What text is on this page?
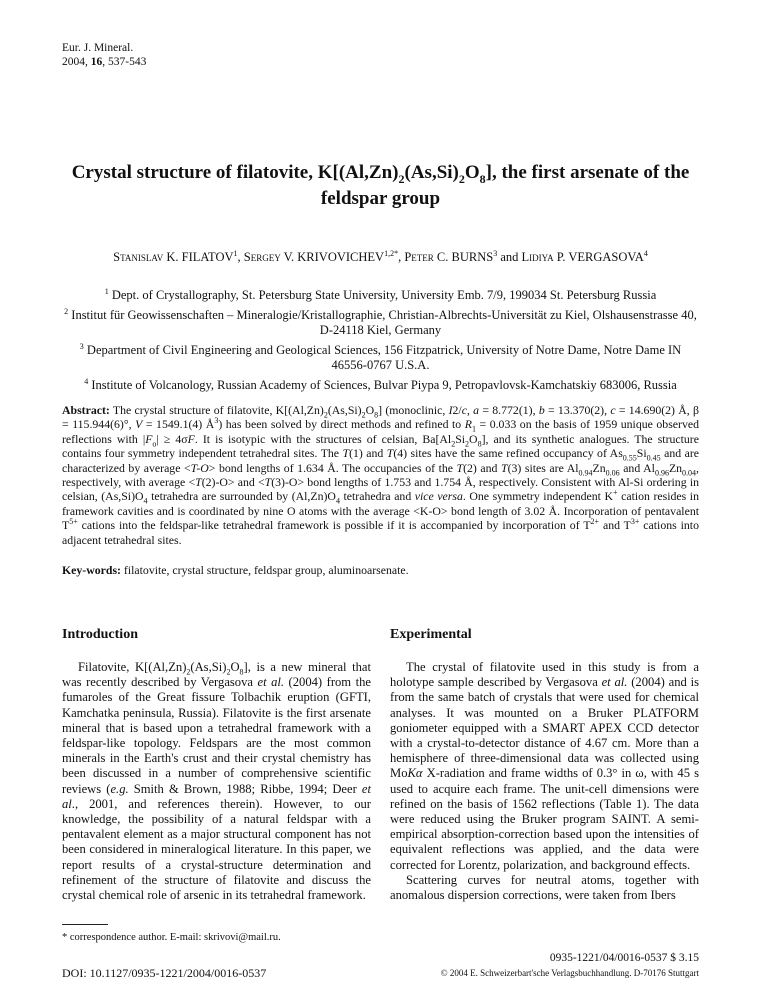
Eur. J. Mineral.
2004, 16, 537-543
Crystal structure of filatovite, $K[(Al,Zn)_2(As,Si)_2O_8]$, the first arsenate of the feldspar group
Stanislav K. FILATOV$^1$, Sergey V. $KRIVOVICHEV^{1,2*}$, Peter C. BURNS$^3$ and Lidiya P. VERGASOVA$^4$

$^1$ Dept. of Crystallography, St. Petersburg State University, University Emb. 7/9, 199034 St. Petersburg Russia

$^2$ Institut für Geowissenschaften – Mineralogie/Kristallographie, Christian-Albrechts-Universität zu Kiel, Olshausenstrasse 40, D-24118 Kiel, Germany

$^3$ Department of Civil Engineering and Geological Sciences, 156 Fitzpatrick, University of Notre Dame, Notre Dame IN 46556-0767 U.S.A.

$^4$ Institute of Volcanology, Russian Academy of Sciences, Bulvar Piypa 9, Petropavlovsk-Kamchatskiy 683006, Russia

Abstract: The crystal structure of filatovite, $K[(Al,Zn)_2(As,Si)_2O_8]$ (monoclinic, I2/c, a = 8.772(1), b = 13.370(2), c = 14.690(2) Å, β = 115.944(6)°, V = 1549.1(4) $Å^3$) has been solved by direct methods and refined to $R_1 = 0.033$ on the basis of 1959 unique observed reflections with $|F_o| \ge 4\sigma F$. It is isotypic with the structures of celsian, $Ba[Al_2Si_2O_8]$, and its synthetic analogues. The structure contains four symmetry independent tetrahedral sites. The T(1) and T(4) sites have the same refined occupancy of $As_{0.55}Si_{0.45}$ and are characterized by average <T-O> bond lengths of 1.634 Å. The occupancies of the T(2) and T(3) sites are $Al_{0.94}Zn_{0.06}$ and $Al_{0.96}Zn_{0.04}$, respectively, with average <T(2)-O> and <T(3)-O> bond lengths of 1.753 and 1.754 Å, respectively. Consistent with Al-Si ordering in celsian, $(As,Si)O_4$ tetrahedra are surrounded by $(Al,Zn)O_4$ tetrahedra and vice versa. One symmetry independent K+ cation resides in framework cavities and is coordinated by nine O atoms with the average <K-O> bond length of 3.02 Å. Incorporation of pentavalent $T^{5+}$ cations into the feldspar-like tetrahedral framework is possible if it is accompanied by incorporation of $T^{2+}$ and $T^{3+}$ cations into adjacent tetrahedral sites.
Key-words: filatovite, crystal structure, feldspar group, aluminoarsenate.
Introduction

Filatovite, $K[(Al,Zn)_2(As,Si)_2O_8]$, is a new mineral that was recently described by Vergasova et al. (2004) from the fumaroles of the Great fissure Tolbachik eruption (GFTI, Kamchatka peninsula, Russia). Filatovite is the first arsenate mineral that is based upon a tetrahedral framework with a feldspar-like topology. Feldspars are the most common minerals in the Earth's crust and their crystal chemistry has been discussed in a number of comprehensive scientific reviews (e.g. Smith & Brown, 1988; Ribbe, 1994; Deer et al., 2001, and references therein). However, to our knowledge, the possibility of a natural feldspar with a pentavalent element as a major structural component has not been considered in mineralogical literature. In this paper, we report results of a crystal-structure determination and refinement of the structure of filatovite and discuss the crystal chemical role of arsenic in its tetrahedral framework.

Experimental

The crystal of filatovite used in this study is from a holotype sample described by Vergasova et al. (2004) and is from the same batch of crystals that were used for chemical analyses. It was mounted on a Bruker PLATFORM goniometer equipped with a SMART APEX CCD detector with a crystal-to-detector distance of 4.67 cm. More than a hemisphere of three-dimensional data was collected using MoKα X-radiation and frame widths of 0.3° in ω, with 45 s used to acquire each frame. The unit-cell dimensions were refined on the basis of 1562 reflections (Table 1). The data were reduced using the Bruker program SAINT. A semi-empirical absorption-correction based upon the intensities of equivalent reflections was applied, and the data were corrected for Lorentz, polarization, and background effects.

Scattering curves for neutral atoms, together with anomalous dispersion corrections, were taken from Ibers

* correspondence author. E-mail: skrivovi@mail.ru.
0935-1221/04/0016-0537 $ 3.15
DOI: 10.1127/0935-1221/2004/0016-0537	© 2004 E. Schweizerbart'sche Verlagsbuchhandlung. D-70176 Stuttgart
